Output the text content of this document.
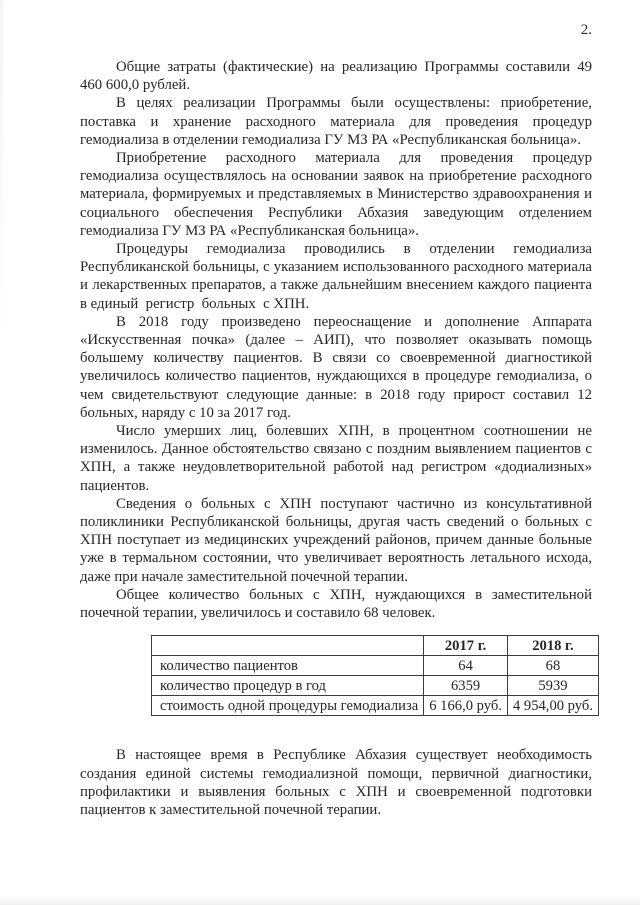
2.

Общие затраты (фактические) на реализацию Программы составили 49 460 600,0 рублей.

В целях реализации Программы были осуществлены: приобретение, поставка и хранение расходного материала для проведения процедур гемодиализа в отделении гемодиализа ГУ МЗ РА «Республиканская больница».

Приобретение расходного материала для проведения процедур гемодиализа осуществлялось на основании заявок на приобретение расходного материала, формируемых и представляемых в Министерство здравоохранения и социального обеспечения Республики Абхазия заведующим отделением гемодиализа ГУ МЗ РА «Республиканская больница».

Процедуры гемодиализа проводились в отделении гемодиализа Республиканской больницы, с указанием использованного расходного материала и лекарственных препаратов, а также дальнейшим внесением каждого пациента в единый  регистр  больных  с ХПН.

В 2018 году произведено переоснащение и дополнение Аппарата «Искусственная почка» (далее – АИП), что позволяет оказывать помощь большему количеству пациентов. В связи со своевременной диагностикой увеличилось количество пациентов, нуждающихся в процедуре гемодиализа, о чем свидетельствуют следующие данные: в 2018 году прирост составил 12 больных, наряду с 10 за 2017 год.

Число умерших лиц, болевших ХПН, в процентном соотношении не изменилось. Данное обстоятельство связано с поздним выявлением пациентов с ХПН, а также неудовлетворительной работой над регистром «додиализных» пациентов.

Сведения о больных с ХПН поступают частично из консультативной поликлиники Республиканской больницы, другая часть сведений о больных с ХПН поступает из медицинских учреждений районов, причем данные больные уже в термальном состоянии, что увеличивает вероятность летального исхода, даже при начале заместительной почечной терапии.

Общее количество больных с ХПН, нуждающихся в заместительной почечной терапии, увеличилось и составило 68 человек.

	2017 г.	2018 г.
количество пациентов	64	68
количество процедур в год	6359	5939
стоимость одной процедуры гемодиализа	6 166,0 руб.	4 954,00 руб.

В настоящее время в Республике Абхазия существует необходимость создания единой системы гемодиализной помощи, первичной диагностики, профилактики и выявления больных с ХПН и своевременной подготовки пациентов к заместительной почечной терапии.
